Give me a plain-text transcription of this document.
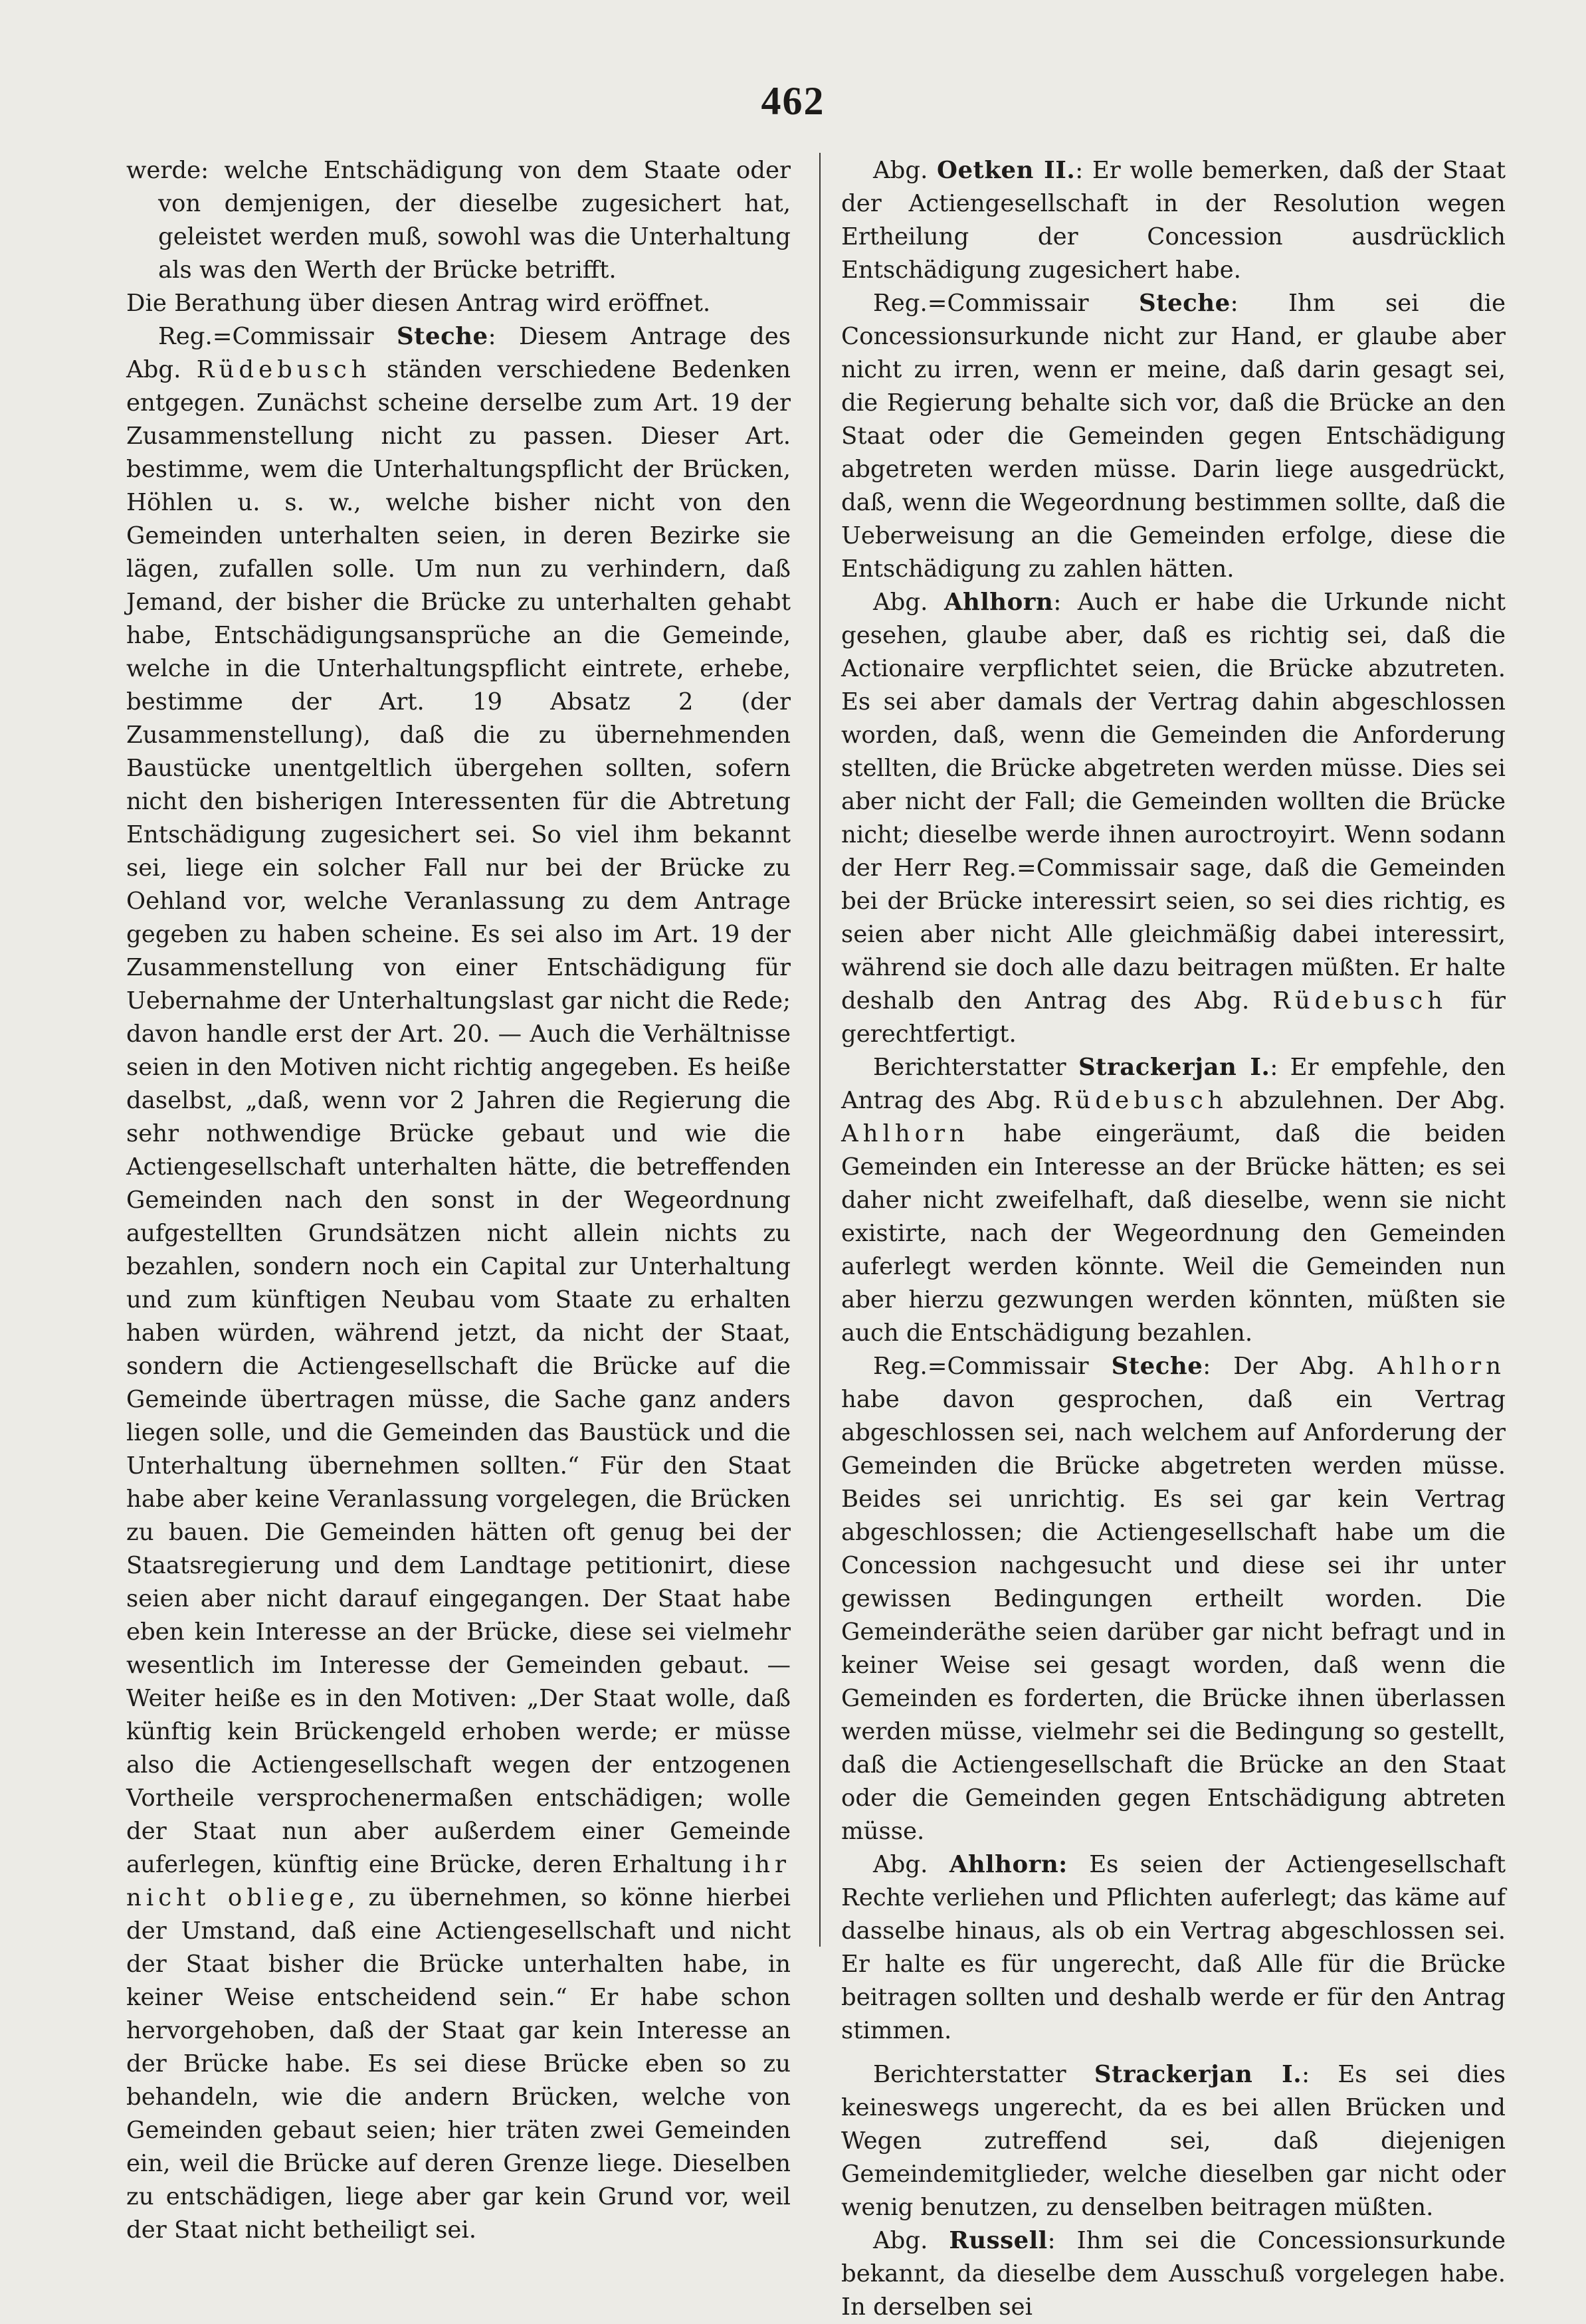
462

werde: welche Entschädigung von dem Staate oder von demjenigen, der dieselbe zugesichert hat, geleistet werden muß, sowohl was die Unterhaltung als was den Werth der Brücke betrifft.

Die Berathung über diesen Antrag wird eröffnet.

Reg.=Commissair Steche: Diesem Antrage des Abg. Rüdebusch ständen verschiedene Bedenken entgegen. Zunächst scheine derselbe zum Art. 19 der Zusammenstellung nicht zu passen. Dieser Art. bestimme, wem die Unterhaltungspflicht der Brücken, Höhlen u. s. w., welche bisher nicht von den Gemeinden unterhalten seien, in deren Bezirke sie lägen, zufallen solle. Um nun zu verhindern, daß Jemand, der bisher die Brücke zu unterhalten gehabt habe, Entschädigungsansprüche an die Gemeinde, welche in die Unterhaltungspflicht eintrete, erhebe, bestimme der Art. 19 Absatz 2 (der Zusammenstellung), daß die zu übernehmenden Baustücke unentgeltlich übergehen sollten, sofern nicht den bisherigen Interessenten für die Abtretung Entschädigung zugesichert sei. So viel ihm bekannt sei, liege ein solcher Fall nur bei der Brücke zu Oehland vor, welche Veranlassung zu dem Antrage gegeben zu haben scheine. Es sei also im Art. 19 der Zusammenstellung von einer Entschädigung für Uebernahme der Unterhaltungslast gar nicht die Rede; davon handle erst der Art. 20. — Auch die Verhältnisse seien in den Motiven nicht richtig angegeben. Es heiße daselbst, „daß, wenn vor 2 Jahren die Regierung die sehr nothwendige Brücke gebaut und wie die Actiengesellschaft unterhalten hätte, die betreffenden Gemeinden nach den sonst in der Wegeordnung aufgestellten Grundsätzen nicht allein nichts zu bezahlen, sondern noch ein Capital zur Unterhaltung und zum künftigen Neubau vom Staate zu erhalten haben würden, während jetzt, da nicht der Staat, sondern die Actiengesellschaft die Brücke auf die Gemeinde übertragen müsse, die Sache ganz anders liegen solle, und die Gemeinden das Baustück und die Unterhaltung übernehmen sollten.“ Für den Staat habe aber keine Veranlassung vorgelegen, die Brücken zu bauen. Die Gemeinden hätten oft genug bei der Staatsregierung und dem Landtage petitionirt, diese seien aber nicht darauf eingegangen. Der Staat habe eben kein Interesse an der Brücke, diese sei vielmehr wesentlich im Interesse der Gemeinden gebaut. — Weiter heiße es in den Motiven: „Der Staat wolle, daß künftig kein Brückengeld erhoben werde; er müsse also die Actiengesellschaft wegen der entzogenen Vortheile versprochenermaßen entschädigen; wolle der Staat nun aber außerdem einer Gemeinde auferlegen, künftig eine Brücke, deren Erhaltung ihr nicht obliege, zu übernehmen, so könne hierbei der Umstand, daß eine Actiengesellschaft und nicht der Staat bisher die Brücke unterhalten habe, in keiner Weise entscheidend sein.“ Er habe schon hervorgehoben, daß der Staat gar kein Interesse an der Brücke habe. Es sei diese Brücke eben so zu behandeln, wie die andern Brücken, welche von Gemeinden gebaut seien; hier träten zwei Gemeinden ein, weil die Brücke auf deren Grenze liege. Dieselben zu entschädigen, liege aber gar kein Grund vor, weil der Staat nicht betheiligt sei.

Abg. Oetken II.: Er wolle bemerken, daß der Staat der Actiengesellschaft in der Resolution wegen Ertheilung der Concession ausdrücklich Entschädigung zugesichert habe.

Reg.=Commissair Steche: Ihm sei die Concessionsurkunde nicht zur Hand, er glaube aber nicht zu irren, wenn er meine, daß darin gesagt sei, die Regierung behalte sich vor, daß die Brücke an den Staat oder die Gemeinden gegen Entschädigung abgetreten werden müsse. Darin liege ausgedrückt, daß, wenn die Wegeordnung bestimmen sollte, daß die Ueberweisung an die Gemeinden erfolge, diese die Entschädigung zu zahlen hätten.

Abg. Ahlhorn: Auch er habe die Urkunde nicht gesehen, glaube aber, daß es richtig sei, daß die Actionaire verpflichtet seien, die Brücke abzutreten. Es sei aber damals der Vertrag dahin abgeschlossen worden, daß, wenn die Gemeinden die Anforderung stellten, die Brücke abgetreten werden müsse. Dies sei aber nicht der Fall; die Gemeinden wollten die Brücke nicht; dieselbe werde ihnen auroctroyirt. Wenn sodann der Herr Reg.=Commissair sage, daß die Gemeinden bei der Brücke interessirt seien, so sei dies richtig, es seien aber nicht Alle gleichmäßig dabei interessirt, während sie doch alle dazu beitragen müßten. Er halte deshalb den Antrag des Abg. Rüdebusch für gerechtfertigt.

Berichterstatter Strackerjan I.: Er empfehle, den Antrag des Abg. Rüdebusch abzulehnen. Der Abg. Ahlhorn habe eingeräumt, daß die beiden Gemeinden ein Interesse an der Brücke hätten; es sei daher nicht zweifelhaft, daß dieselbe, wenn sie nicht existirte, nach der Wegeordnung den Gemeinden auferlegt werden könnte. Weil die Gemeinden nun aber hierzu gezwungen werden könnten, müßten sie auch die Entschädigung bezahlen.

Reg.=Commissair Steche: Der Abg. Ahlhorn habe davon gesprochen, daß ein Vertrag abgeschlossen sei, nach welchem auf Anforderung der Gemeinden die Brücke abgetreten werden müsse. Beides sei unrichtig. Es sei gar kein Vertrag abgeschlossen; die Actiengesellschaft habe um die Concession nachgesucht und diese sei ihr unter gewissen Bedingungen ertheilt worden. Die Gemeinderäthe seien darüber gar nicht befragt und in keiner Weise sei gesagt worden, daß wenn die Gemeinden es forderten, die Brücke ihnen überlassen werden müsse, vielmehr sei die Bedingung so gestellt, daß die Actiengesellschaft die Brücke an den Staat oder die Gemeinden gegen Entschädigung abtreten müsse.

Abg. Ahlhorn: Es seien der Actiengesellschaft Rechte verliehen und Pflichten auferlegt; das käme auf dasselbe hinaus, als ob ein Vertrag abgeschlossen sei. Er halte es für ungerecht, daß Alle für die Brücke beitragen sollten und deshalb werde er für den Antrag stimmen.

Berichterstatter Strackerjan I.: Es sei dies keineswegs ungerecht, da es bei allen Brücken und Wegen zutreffend sei, daß diejenigen Gemeindemitglieder, welche dieselben gar nicht oder wenig benutzen, zu denselben beitragen müßten.

Abg. Russell: Ihm sei die Concessionsurkunde bekannt, da dieselbe dem Ausschuß vorgelegen habe. In derselben sei
